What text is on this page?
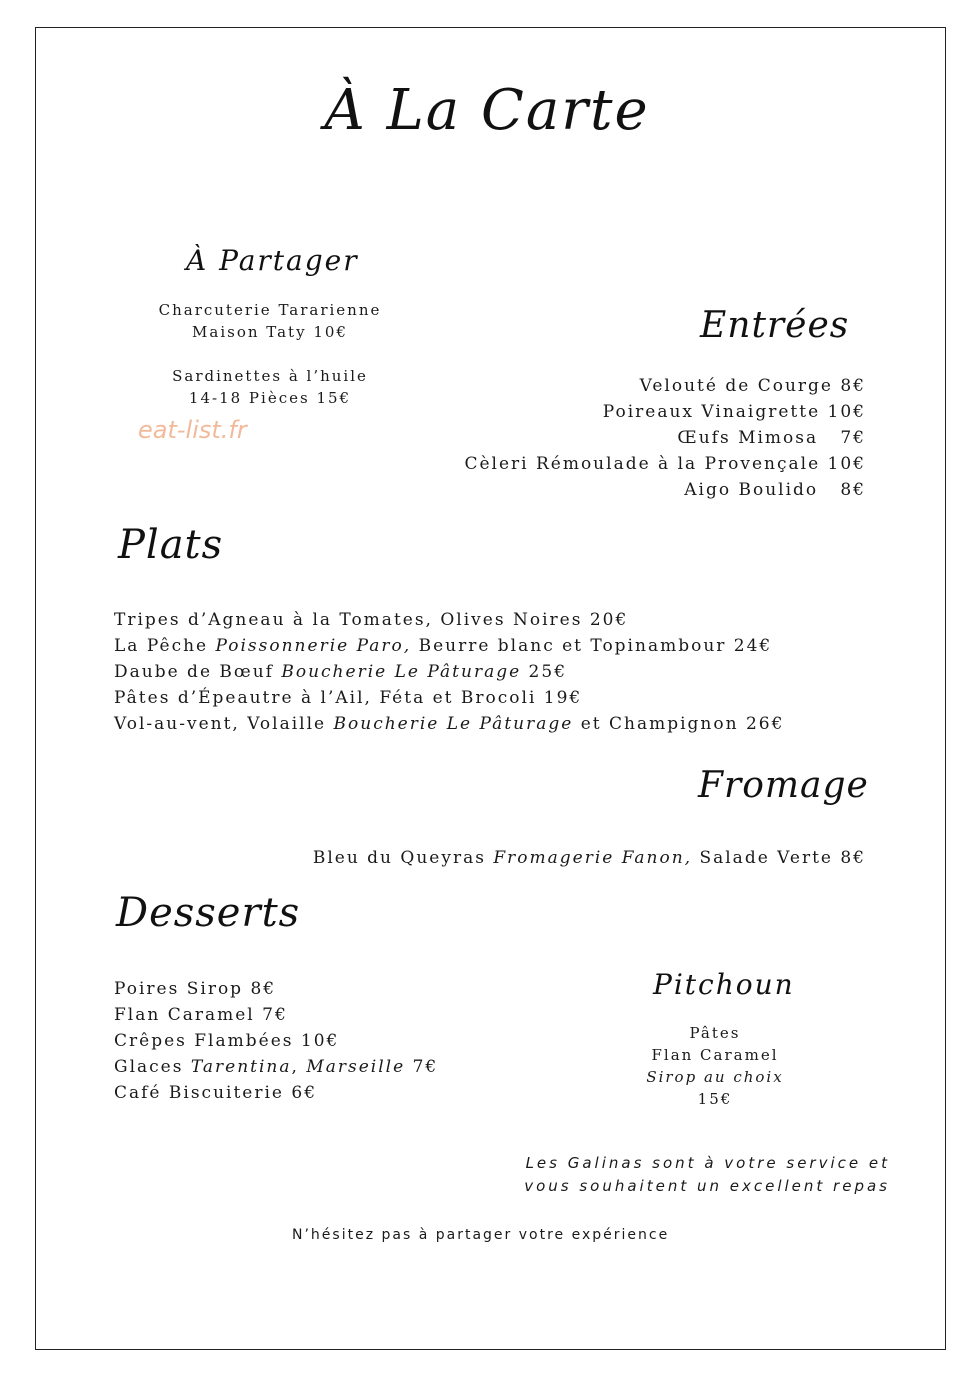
À La Carte
À Partager
Charcuterie Tararienne
Maison Taty 10€
Sardinettes à l’huile
14-18 Pièces 15€
eat-list.fr
Entrées
Velouté de Courge 8€
Poireaux Vinaigrette 10€
Œufs Mimosa   7€
Cèleri Rémoulade à la Provençale 10€
Aigo Boulido   8€
Plats
Tripes d’Agneau à la Tomates, Olives Noires 20€
La Pêche Poissonnerie Paro, Beurre blanc et Topinambour 24€
Daube de Bœuf Boucherie Le Pâturage 25€
Pâtes d’Épeautre à l’Ail, Féta et Brocoli 19€
Vol-au-vent, Volaille Boucherie Le Pâturage et Champignon 26€
Fromage
Bleu du Queyras Fromagerie Fanon, Salade Verte 8€
Desserts
Poires Sirop 8€
Flan Caramel 7€
Crêpes Flambées 10€
Glaces Tarentina, Marseille 7€
Café Biscuiterie 6€
Pitchoun
Pâtes
Flan Caramel
Sirop au choix
15€
Les Galinas sont à votre service et
vous souhaitent un excellent repas
N’hésitez pas à partager votre expérience
